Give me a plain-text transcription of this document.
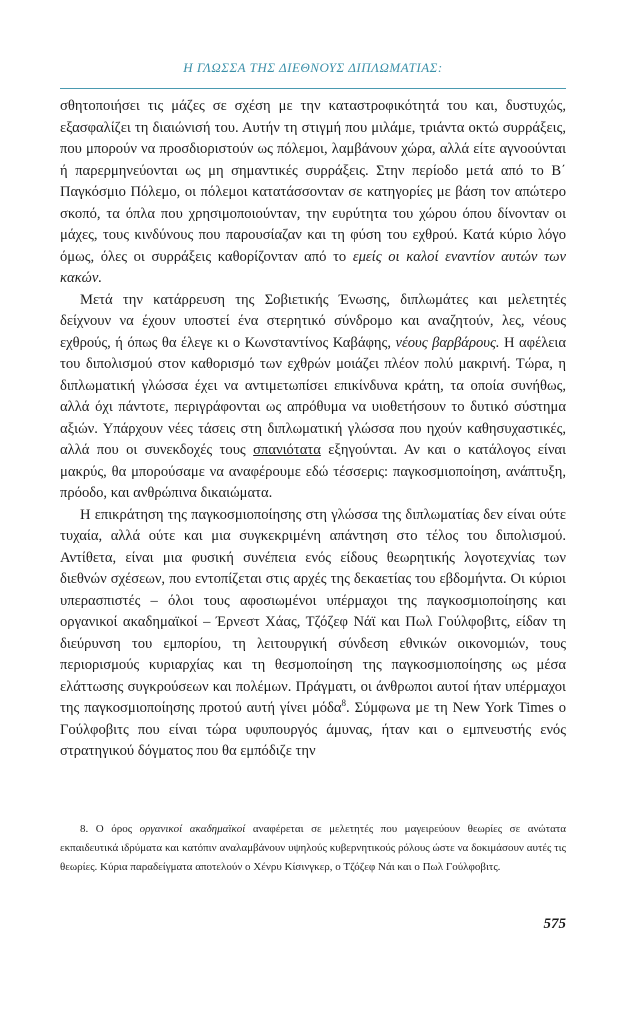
Η ΓΛΩΣΣΑ ΤΗΣ ΔΙΕΘΝΟΥΣ ΔΙΠΛΩΜΑΤΙΑΣ:

σθητοποιήσει τις μάζες σε σχέση με την καταστροφικότητά του και, δυστυχώς, εξασφαλίζει τη διαιώνισή του. Αυτήν τη στιγμή που μιλάμε, τριάντα οκτώ συρράξεις, που μπορούν να προσδιοριστούν ως πόλεμοι, λαμβάνουν χώρα, αλλά είτε αγνοούνται ή παρερμηνεύονται ως μη σημαντικές συρράξεις. Στην περίοδο μετά από το Β΄ Παγκόσμιο Πόλεμο, οι πόλεμοι κατατάσσονταν σε κατηγορίες με βάση τον απώτερο σκοπό, τα όπλα που χρησιμοποιούνταν, την ευρύτητα του χώρου όπου δίνονταν οι μάχες, τους κινδύνους που παρουσίαζαν και τη φύση του εχθρού. Κατά κύριο λόγο όμως, όλες οι συρράξεις καθορίζονταν από το εμείς οι καλοί εναντίον αυτών των κακών.

Μετά την κατάρρευση της Σοβιετικής Ένωσης, διπλωμάτες και μελετητές δείχνουν να έχουν υποστεί ένα στερητικό σύνδρομο και αναζητούν, λες, νέους εχθρούς, ή όπως θα έλεγε κι ο Κωνσταντίνος Καβάφης, νέους βαρβάρους. Η αφέλεια του διπολισμού στον καθορισμό των εχθρών μοιάζει πλέον πολύ μακρινή. Τώρα, η διπλωματική γλώσσα έχει να αντιμετωπίσει επικίνδυνα κράτη, τα οποία συνήθως, αλλά όχι πάντοτε, περιγράφονται ως απρόθυμα να υιοθετήσουν το δυτικό σύστημα αξιών. Υπάρχουν νέες τάσεις στη διπλωματική γλώσσα που ηχούν καθησυχαστικές, αλλά που οι συνεκδοχές τους σπανιότατα εξηγούνται. Αν και ο κατάλογος είναι μακρύς, θα μπορούσαμε να αναφέρουμε εδώ τέσσερις: παγκοσμιοποίηση, ανάπτυξη, πρόοδο, και ανθρώπινα δικαιώματα.

Η επικράτηση της παγκοσμιοποίησης στη γλώσσα της διπλωματίας δεν είναι ούτε τυχαία, αλλά ούτε και μια συγκεκριμένη απάντηση στο τέλος του διπολισμού. Αντίθετα, είναι μια φυσική συνέπεια ενός είδους θεωρητικής λογοτεχνίας των διεθνών σχέσεων, που εντοπίζεται στις αρχές της δεκαετίας του εβδομήντα. Οι κύριοι υπερασπιστές – όλοι τους αφοσιωμένοι υπέρμαχοι της παγκοσμιοποίησης και οργανικοί ακαδημαϊκοί – Έρνεστ Χάας, Τζόζεφ Νάϊ και Πωλ Γούλφοβιτς, είδαν τη διεύρυνση του εμπορίου, τη λειτουργική σύνδεση εθνικών οικονομιών, τους περιορισμούς κυριαρχίας και τη θεσμοποίηση της παγκοσμιοποίησης ως μέσα ελάττωσης συγκρούσεων και πολέμων. Πράγματι, οι άνθρωποι αυτοί ήταν υπέρμαχοι της παγκοσμιοποίησης προτού αυτή γίνει μόδα$^8$. Σύμφωνα με τη New York Times ο Γούλφοβιτς που είναι τώρα υφυπουργός άμυνας, ήταν και ο εμπνευστής ενός στρατηγικού δόγματος που θα εμπόδιζε την

8. Ο όρος οργανικοί ακαδημαϊκοί αναφέρεται σε μελετητές που μαγειρεύουν θεωρίες σε ανώτατα εκπαιδευτικά ιδρύματα και κατόπιν αναλαμβάνουν υψηλούς κυβερνητικούς ρόλους ώστε να δοκιμάσουν αυτές τις θεωρίες. Κύρια παραδείγματα αποτελούν ο Χένρυ Κίσινγκερ, ο Τζόζεφ Νάι και ο Πωλ Γούλφοβιτς.
575
